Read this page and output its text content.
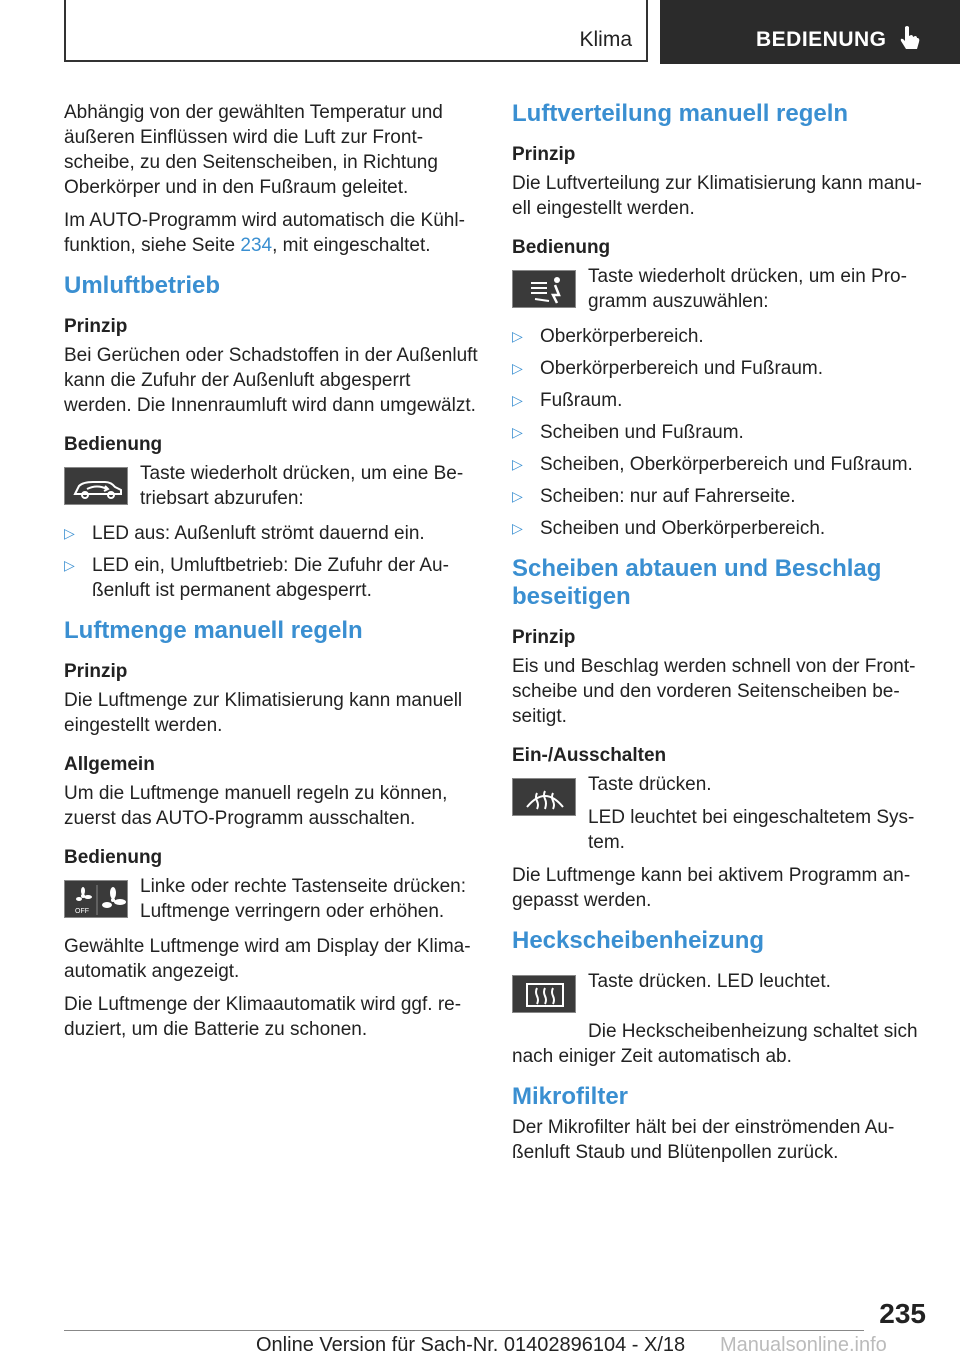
Klima	BEDIENUNG

Abhängig von der gewählten Temperatur und äußeren Einflüssen wird die Luft zur Frontscheibe, zu den Seitenscheiben, in Richtung Oberkörper und in den Fußraum geleitet.

Im AUTO-Programm wird automatisch die Kühlfunktion, siehe Seite 234, mit eingeschaltet.

Umluftbetrieb
Prinzip

Bei Gerüchen oder Schadstoffen in der Außenluft kann die Zufuhr der Außenluft abgesperrt werden. Die Innenraumluft wird dann umgewälzt.

Bedienung

Taste wiederholt drücken, um eine Betriebsart abzurufen:

▷ LED aus: Außenluft strömt dauernd ein.
▷ LED ein, Umluftbetrieb: Die Zufuhr der Außenluft ist permanent abgesperrt.
Luftmenge manuell regeln
Prinzip

Die Luftmenge zur Klimatisierung kann manuell eingestellt werden.

Allgemein

Um die Luftmenge manuell regeln zu können, zuerst das AUTO-Programm ausschalten.

Bedienung
OFF

Linke oder rechte Tastenseite drücken: Luftmenge verringern oder erhöhen.

Gewählte Luftmenge wird am Display der Klimaautomatik angezeigt.

Die Luftmenge der Klimaautomatik wird ggf. reduziert, um die Batterie zu schonen.

Luftverteilung manuell regeln
Prinzip

Die Luftverteilung zur Klimatisierung kann manuell eingestellt werden.

Bedienung

Taste wiederholt drücken, um ein Programm auszuwählen:

▷ Oberkörperbereich.
▷ Oberkörperbereich und Fußraum.
▷ Fußraum.
▷ Scheiben und Fußraum.
▷ Scheiben, Oberkörperbereich und Fußraum.
▷ Scheiben: nur auf Fahrerseite.
▷ Scheiben und Oberkörperbereich.
Scheiben abtauen und Beschlag beseitigen
Prinzip

Eis und Beschlag werden schnell von der Frontscheibe und den vorderen Seitenscheiben beseitigt.

Ein-/Ausschalten

Taste drücken.

LED leuchtet bei eingeschaltetem System.

Die Luftmenge kann bei aktivem Programm angepasst werden.

Heckscheibenheizung

Taste drücken. LED leuchtet.

Die Heckscheibenheizung schaltet sich nach einiger Zeit automatisch ab.

Mikrofilter

Der Mikrofilter hält bei der einströmenden Außenluft Staub und Blütenpollen zurück.

235
Online Version für Sach-Nr. 01402896104 - X/18 Manualsonline.info
